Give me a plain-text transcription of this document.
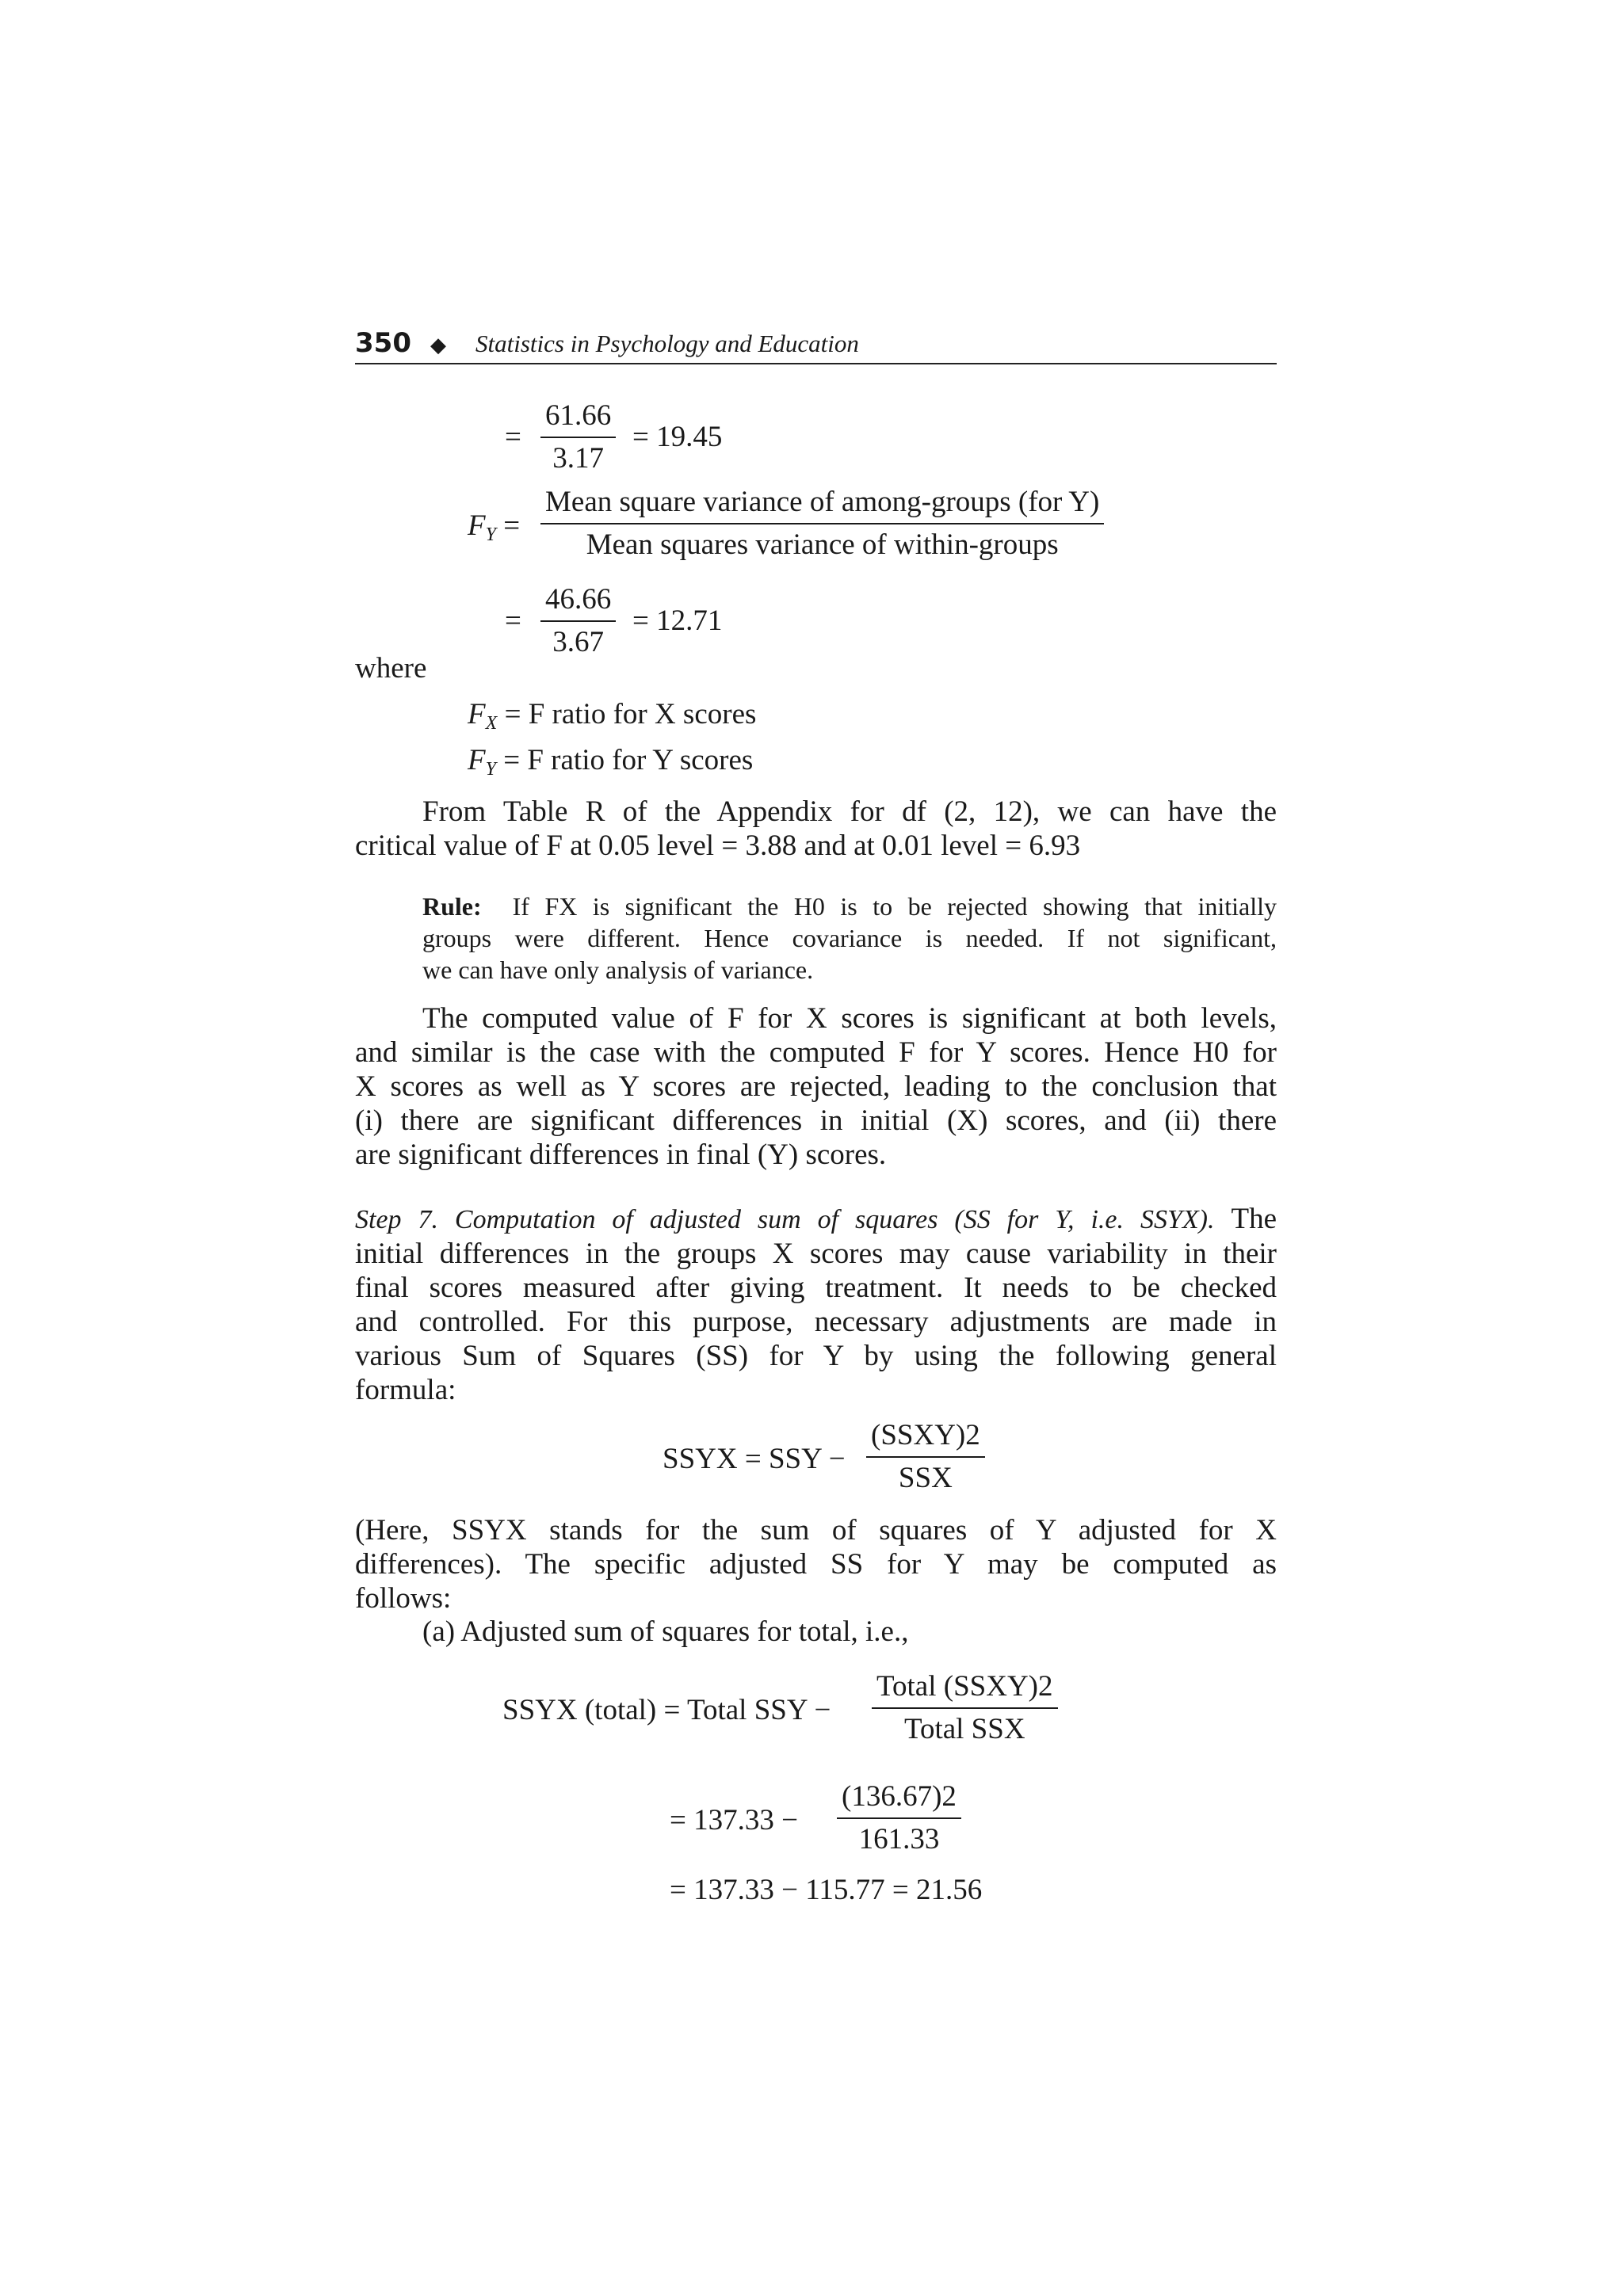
350 ◆ Statistics in Psychology and Education
= $\frac{61.66}{3.17} = 19.45$
$F_Y$ =
Mean square variance of among-groups (for Y)
Mean squares variance of within-groups
= $\frac{46.66}{3.67} = 12.71$
where
$F_X = F$ ratio for X scores
$F_Y = F$ ratio for Y scores
From Table R of the Appendix for df (2, 12), we can have the
critical value of F at 0.05 level = 3.88 and at 0.01 level = 6.93
Rule: If FX is significant the H0 is to be rejected showing that initially
groups were different. Hence covariance is needed. If not significant,
we can have only analysis of variance.
The computed value of F for X scores is significant at both levels,
and similar is the case with the computed F for Y scores. Hence H0 for
X scores as well as Y scores are rejected, leading to the conclusion that
(i) there are significant differences in initial (X) scores, and (ii) there
are significant differences in final (Y) scores.
Step 7. Computation of adjusted sum of squares (SS for Y, i.e. SSYX). The
initial differences in the groups X scores may cause variability in their
final scores measured after giving treatment. It needs to be checked
and controlled. For this purpose, necessary adjustments are made in
various Sum of Squares (SS) for Y by using the following general
formula:
SSYX = SSY −
(SSXY)2
SSX
(Here, SSYX stands for the sum of squares of Y adjusted for X
differences). The specific adjusted SS for Y may be computed as
follows:
(a) Adjusted sum of squares for total, i.e.,
SSYX (total) = Total SSY −
Total (SSXY)2
Total SSX
= $137.33 - \frac{(136.67)2}{161.33}$
= 137.33 − 115.77 = 21.56
